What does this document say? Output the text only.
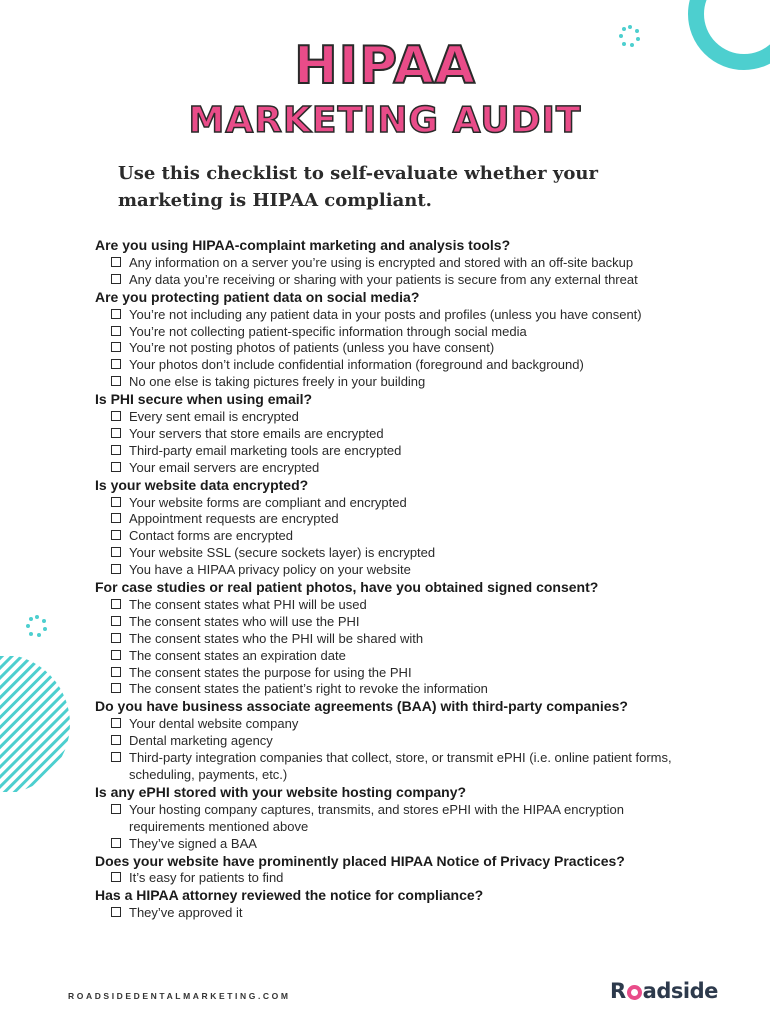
HIPAA
MARKETING AUDIT
Use this checklist to self-evaluate whether your marketing is HIPAA compliant.
Are you using HIPAA-complaint marketing and analysis tools?
Any information on a server you’re using is encrypted and stored with an off-site backup
Any data you’re receiving or sharing with your patients is secure from any external threat
Are you protecting patient data on social media?
You’re not including any patient data in your posts and profiles (unless you have consent)
You’re not collecting patient-specific information through social media
You’re not posting photos of patients (unless you have consent)
Your photos don’t include confidential information (foreground and background)
No one else is taking pictures freely in your building
Is PHI secure when using email?
Every sent email is encrypted
Your servers that store emails are encrypted
Third-party email marketing tools are encrypted
Your email servers are encrypted
Is your website data encrypted?
Your website forms are compliant and encrypted
Appointment requests are encrypted
Contact forms are encrypted
Your website SSL (secure sockets layer) is encrypted
You have a HIPAA privacy policy on your website
For case studies or real patient photos, have you obtained signed consent?
The consent states what PHI will be used
The consent states who will use the PHI
The consent states who the PHI will be shared with
The consent states an expiration date
The consent states the purpose for using the PHI
The consent states the patient’s right to revoke the information
Do you have business associate agreements (BAA) with third-party companies?
Your dental website company
Dental marketing agency
Third-party integration companies that collect, store, or transmit ePHI (i.e. online patient forms, scheduling, payments, etc.)
Is any ePHI stored with your website hosting company?
Your hosting company captures, transmits, and stores ePHI with the HIPAA encryption requirements mentioned above
They’ve signed a BAA
Does your website have prominently placed HIPAA Notice of Privacy Practices?
It’s easy for patients to find
Has a HIPAA attorney reviewed the notice for compliance?
They’ve approved it
ROADSIDEDENTALMARKETING.COM	R adside
